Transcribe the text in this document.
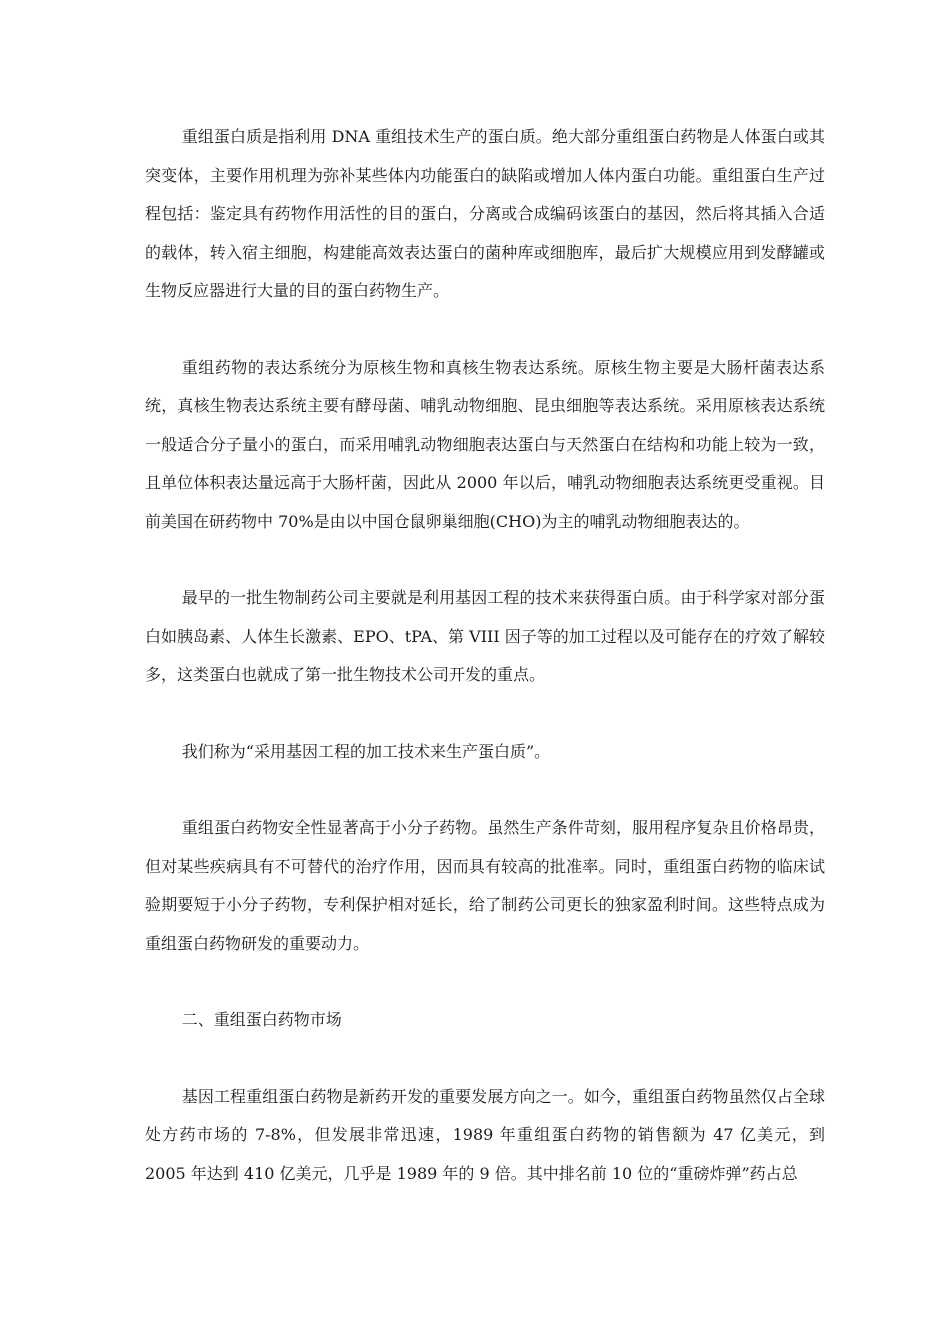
重组蛋白质是指利用 DNA 重组技术生产的蛋白质。绝大部分重组蛋白药物是人体蛋白或其突变体，主要作用机理为弥补某些体内功能蛋白的缺陷或增加人体内蛋白功能。重组蛋白生产过程包括：鉴定具有药物作用活性的目的蛋白，分离或合成编码该蛋白的基因，然后将其插入合适的载体，转入宿主细胞，构建能高效表达蛋白的菌种库或细胞库，最后扩大规模应用到发酵罐或生物反应器进行大量的目的蛋白药物生产。

重组药物的表达系统分为原核生物和真核生物表达系统。原核生物主要是大肠杆菌表达系统，真核生物表达系统主要有酵母菌、哺乳动物细胞、昆虫细胞等表达系统。采用原核表达系统一般适合分子量小的蛋白，而采用哺乳动物细胞表达蛋白与天然蛋白在结构和功能上较为一致，且单位体积表达量远高于大肠杆菌，因此从 2000 年以后，哺乳动物细胞表达系统更受重视。目前美国在研药物中 70%是由以中国仓鼠卵巢细胞(CHO)为主的哺乳动物细胞表达的。

最早的一批生物制药公司主要就是利用基因工程的技术来获得蛋白质。由于科学家对部分蛋白如胰岛素、人体生长激素、EPO、tPA、第 VIII 因子等的加工过程以及可能存在的疗效了解较多，这类蛋白也就成了第一批生物技术公司开发的重点。

我们称为“采用基因工程的加工技术来生产蛋白质”。

重组蛋白药物安全性显著高于小分子药物。虽然生产条件苛刻，服用程序复杂且价格昂贵，但对某些疾病具有不可替代的治疗作用，因而具有较高的批准率。同时，重组蛋白药物的临床试验期要短于小分子药物，专利保护相对延长，给了制药公司更长的独家盈利时间。这些特点成为重组蛋白药物研发的重要动力。

二、重组蛋白药物市场

基因工程重组蛋白药物是新药开发的重要发展方向之一。如今，重组蛋白药物虽然仅占全球处方药市场的 7-8%，但发展非常迅速，1989 年重组蛋白药物的销售额为 47 亿美元，到 2005 年达到 410 亿美元，几乎是 1989 年的 9 倍。其中排名前 10 位的“重磅炸弹”药占总
